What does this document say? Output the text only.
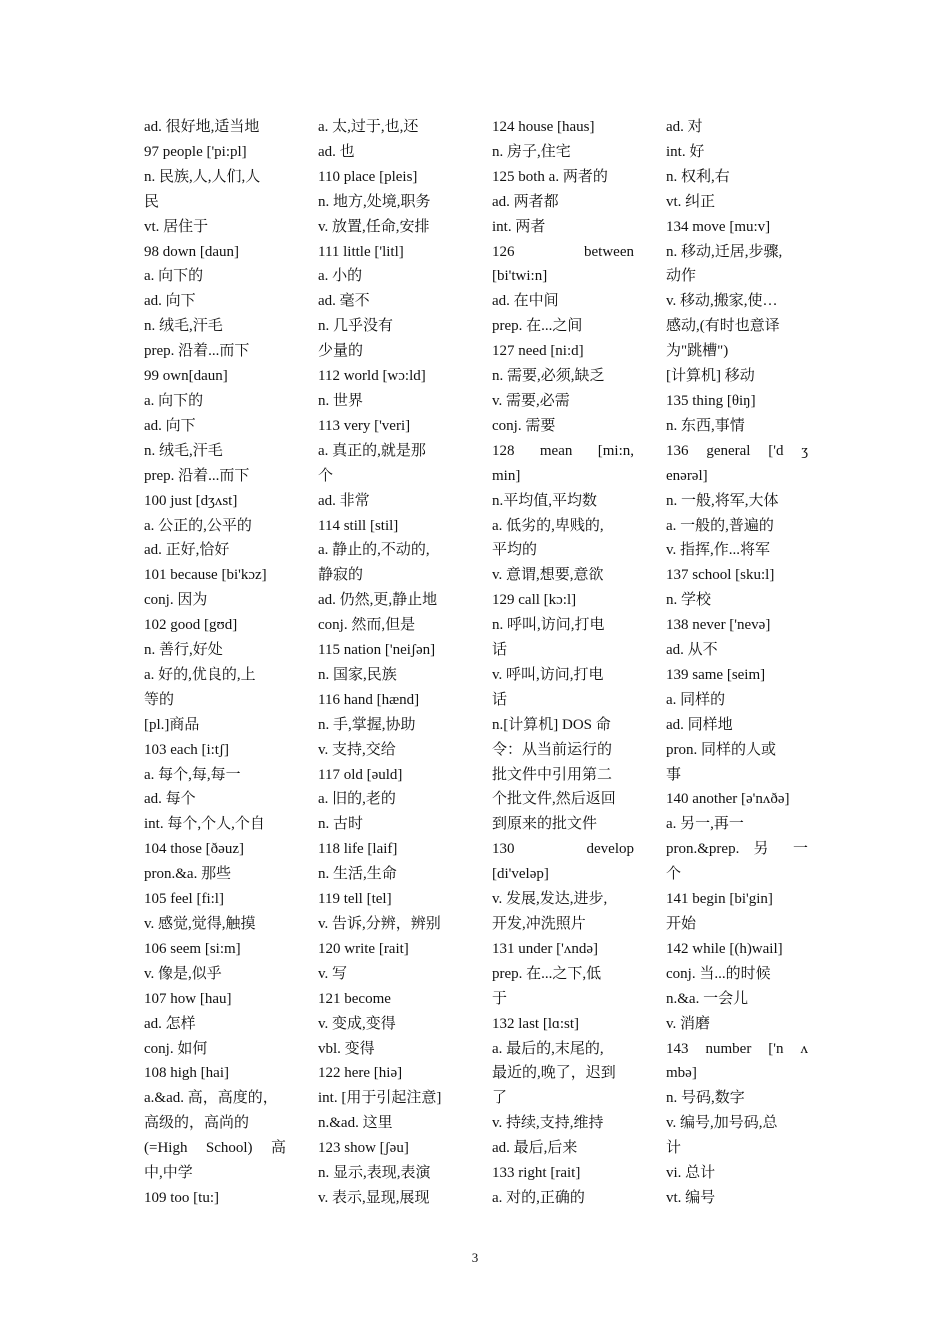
ad. 很好地,适当地
97 people ['pi:pl]
n. 民族,人,人们,人
民
vt. 居住于
98 down [daun]
a. 向下的
ad. 向下
n. 绒毛,汗毛
prep. 沿着...而下
99 own[daun]
a. 向下的
ad. 向下
n. 绒毛,汗毛
prep. 沿着...而下
100 just [dʒʌst]
a. 公正的,公平的
ad. 正好,恰好
101 because [bi'kɔz]
conj. 因为
102 good [gʊd]
n. 善行,好处
a. 好的,优良的,上
等的
[pl.]商品
103 each [i:tʃ]
a. 每个,每,每一
ad. 每个
int. 每个,个人,个自
104 those [ðəuz]
pron.&a. 那些
105 feel [fi:l]
v. 感觉,觉得,触摸
106 seem [si:m]
v. 像是,似乎
107 how [hau]
ad. 怎样
conj. 如何
108 high [hai]
a.&ad. 高，高度的，
高级的，高尚的
(=High School) 高
中,中学
109 too [tu:]
a. 太,过于,也,还
ad. 也
110 place [pleis]
n. 地方,处境,职务
v. 放置,任命,安排
111 little ['litl]
a. 小的
ad. 毫不
n. 几乎没有
少量的
112 world [wɔ:ld]
n. 世界
113 very ['veri]
a. 真正的,就是那
个
ad. 非常
114 still [stil]
a. 静止的,不动的,
静寂的
ad. 仍然,更,静止地
conj. 然而,但是
115 nation ['neiʃən]
n. 国家,民族
116 hand [hænd]
n. 手,掌握,协助
v. 支持,交给
117 old [əuld]
a. 旧的,老的
n. 古时
118 life [laif]
n. 生活,生命
119 tell [tel]
v. 告诉,分辨，辨别
120 write [rait]
v. 写
121 become
v. 变成,变得
vbl. 变得
122 here [hiə]
int. [用于引起注意]
n.&ad. 这里
123 show [ʃəu]
n. 显示,表现,表演
v. 表示,显现,展现
124 house [haus]
n. 房子,住宅
125 both a. 两者的
ad. 两者都
int. 两者
126 between
[bi'twi:n]
ad. 在中间
prep. 在...之间
127 need [ni:d]
n. 需要,必须,缺乏
v. 需要,必需
conj. 需要
128 mean [mi:n,
min]
n.平均值,平均数
a. 低劣的,卑贱的,
平均的
v. 意谓,想要,意欲
129 call [kɔ:l]
n. 呼叫,访问,打电
话
v. 呼叫,访问,打电
话
n.[计算机] DOS 命
令：从当前运行的
批文件中引用第二
个批文件,然后返回
到原来的批文件
130 develop
[di'veləp]
v. 发展,发达,进步,
开发,冲洗照片
131 under ['ʌndə]
prep. 在...之下,低
于
132 last [lɑ:st]
a. 最后的,末尾的,
最近的,晚了，迟到
了
v. 持续,支持,维持
ad. 最后,后来
133 right [rait]
a. 对的,正确的
ad. 对
int. 好
n. 权利,右
vt. 纠正
134 move [mu:v]
n. 移动,迁居,步骤,
动作
v. 移动,搬家,使…
感动,(有时也意译
为"跳槽")
[计算机] 移动
135 thing [θiŋ]
n. 东西,事情
136 general ['d ʒ
enərəl]
n. 一般,将军,大体
a. 一般的,普遍的
v. 指挥,作...将军
137 school [sku:l]
n. 学校
138 never ['nevə]
ad. 从不
139 same [seim]
a. 同样的
ad. 同样地
pron. 同样的人或
事
140 another [ə'nʌðə]
a. 另一,再一
pron.&prep. 另 一
个
141 begin [bi'gin]
开始
142 while [(h)wail]
conj. 当...的时候
n.&a. 一会儿
v. 消磨
143 number ['n ʌ
mbə]
n. 号码,数字
v. 编号,加号码,总
计
vi. 总计
vt. 编号
3
